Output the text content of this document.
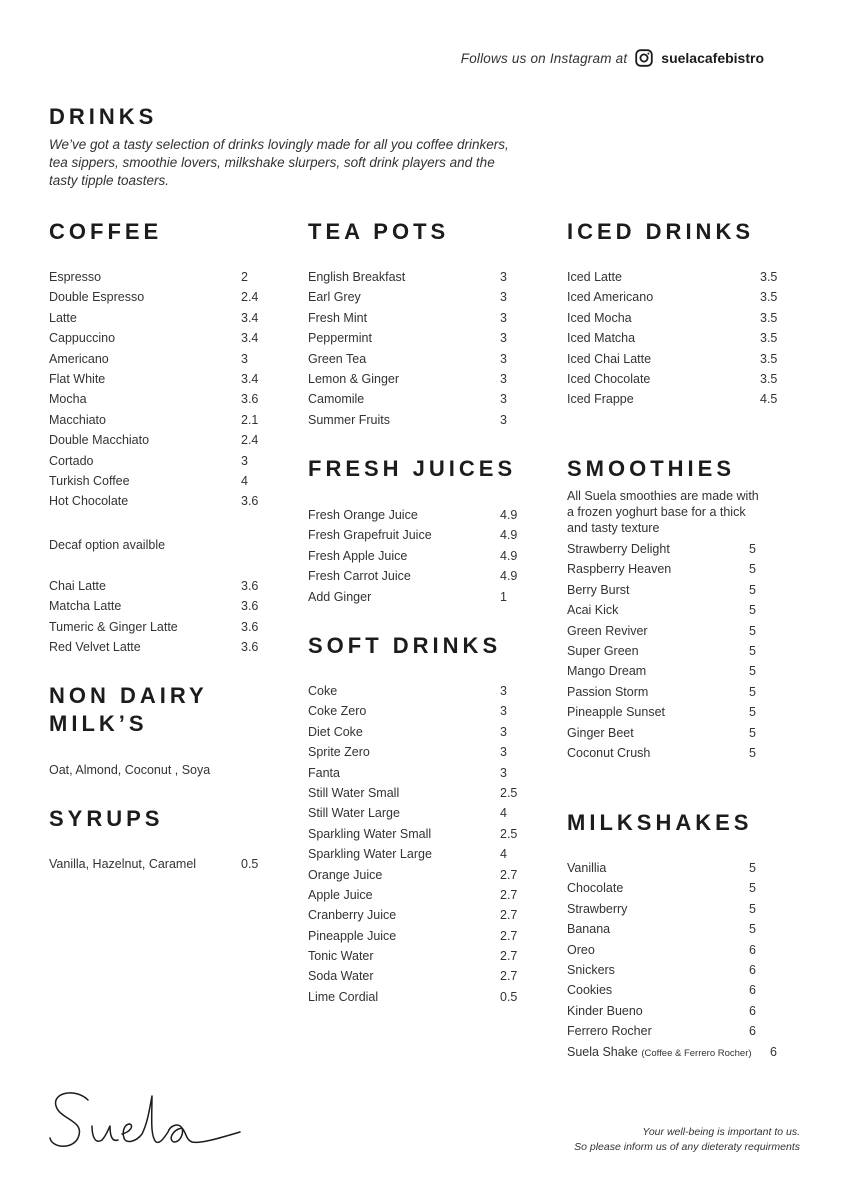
Follows us on Instagram at suelacafebistro
DRINKS

We’ve got a tasty selection of drinks lovingly made for all you coffee drinkers, tea sippers, smoothie lovers, milkshake slurpers, soft drink players and the tasty tipple toasters.

COFFEE
Espresso	2
Double Espresso	2.4
Latte	3.4
Cappuccino	3.4
Americano	3
Flat White	3.4
Mocha	3.6
Macchiato	2.1
Double Macchiato	2.4
Cortado	3
Turkish Coffee	4
Hot Chocolate	3.6

Decaf option availble

Chai Latte	3.6
Matcha Latte	3.6
Tumeric & Ginger Latte	3.6
Red Velvet Latte	3.6
NON DAIRY
MILK’S

Oat, Almond, Coconut , Soya

SYRUPS
Vanilla, Hazelnut, Caramel	0.5
TEA POTS
English Breakfast	3
Earl Grey	3
Fresh Mint	3
Peppermint	3
Green Tea	3
Lemon & Ginger	3
Camomile	3
Summer Fruits	3
FRESH JUICES
Fresh Orange Juice	4.9
Fresh Grapefruit Juice	4.9
Fresh Apple Juice	4.9
Fresh Carrot Juice	4.9
Add Ginger	1
SOFT DRINKS
Coke	3
Coke Zero	3
Diet Coke	3
Sprite Zero	3
Fanta	3
Still Water Small	2.5
Still Water Large	4
Sparkling Water Small	2.5
Sparkling Water Large	4
Orange Juice	2.7
Apple Juice	2.7
Cranberry Juice	2.7
Pineapple Juice	2.7
Tonic Water	2.7
Soda Water	2.7
Lime Cordial	0.5
ICED DRINKS
Iced Latte	3.5
Iced Americano	3.5
Iced Mocha	3.5
Iced Matcha	3.5
Iced Chai Latte	3.5
Iced Chocolate	3.5
Iced Frappe	4.5
SMOOTHIES

All Suela smoothies are made with a frozen yoghurt base for a thick and tasty texture

Strawberry Delight	5
Raspberry Heaven	5
Berry Burst	5
Acai Kick	5
Green Reviver	5
Super Green	5
Mango Dream	5
Passion Storm	5
Pineapple Sunset	5
Ginger Beet	5
Coconut Crush	5
MILKSHAKES
Vanillia	5
Chocolate	5
Strawberry	5
Banana	5
Oreo	6
Snickers	6
Cookies	6
Kinder Bueno	6
Ferrero Rocher	6
Suela Shake (Coffee & Ferrero Rocher) 6
Your well-being is important to us.
So please inform us of any dieteraty requirments
